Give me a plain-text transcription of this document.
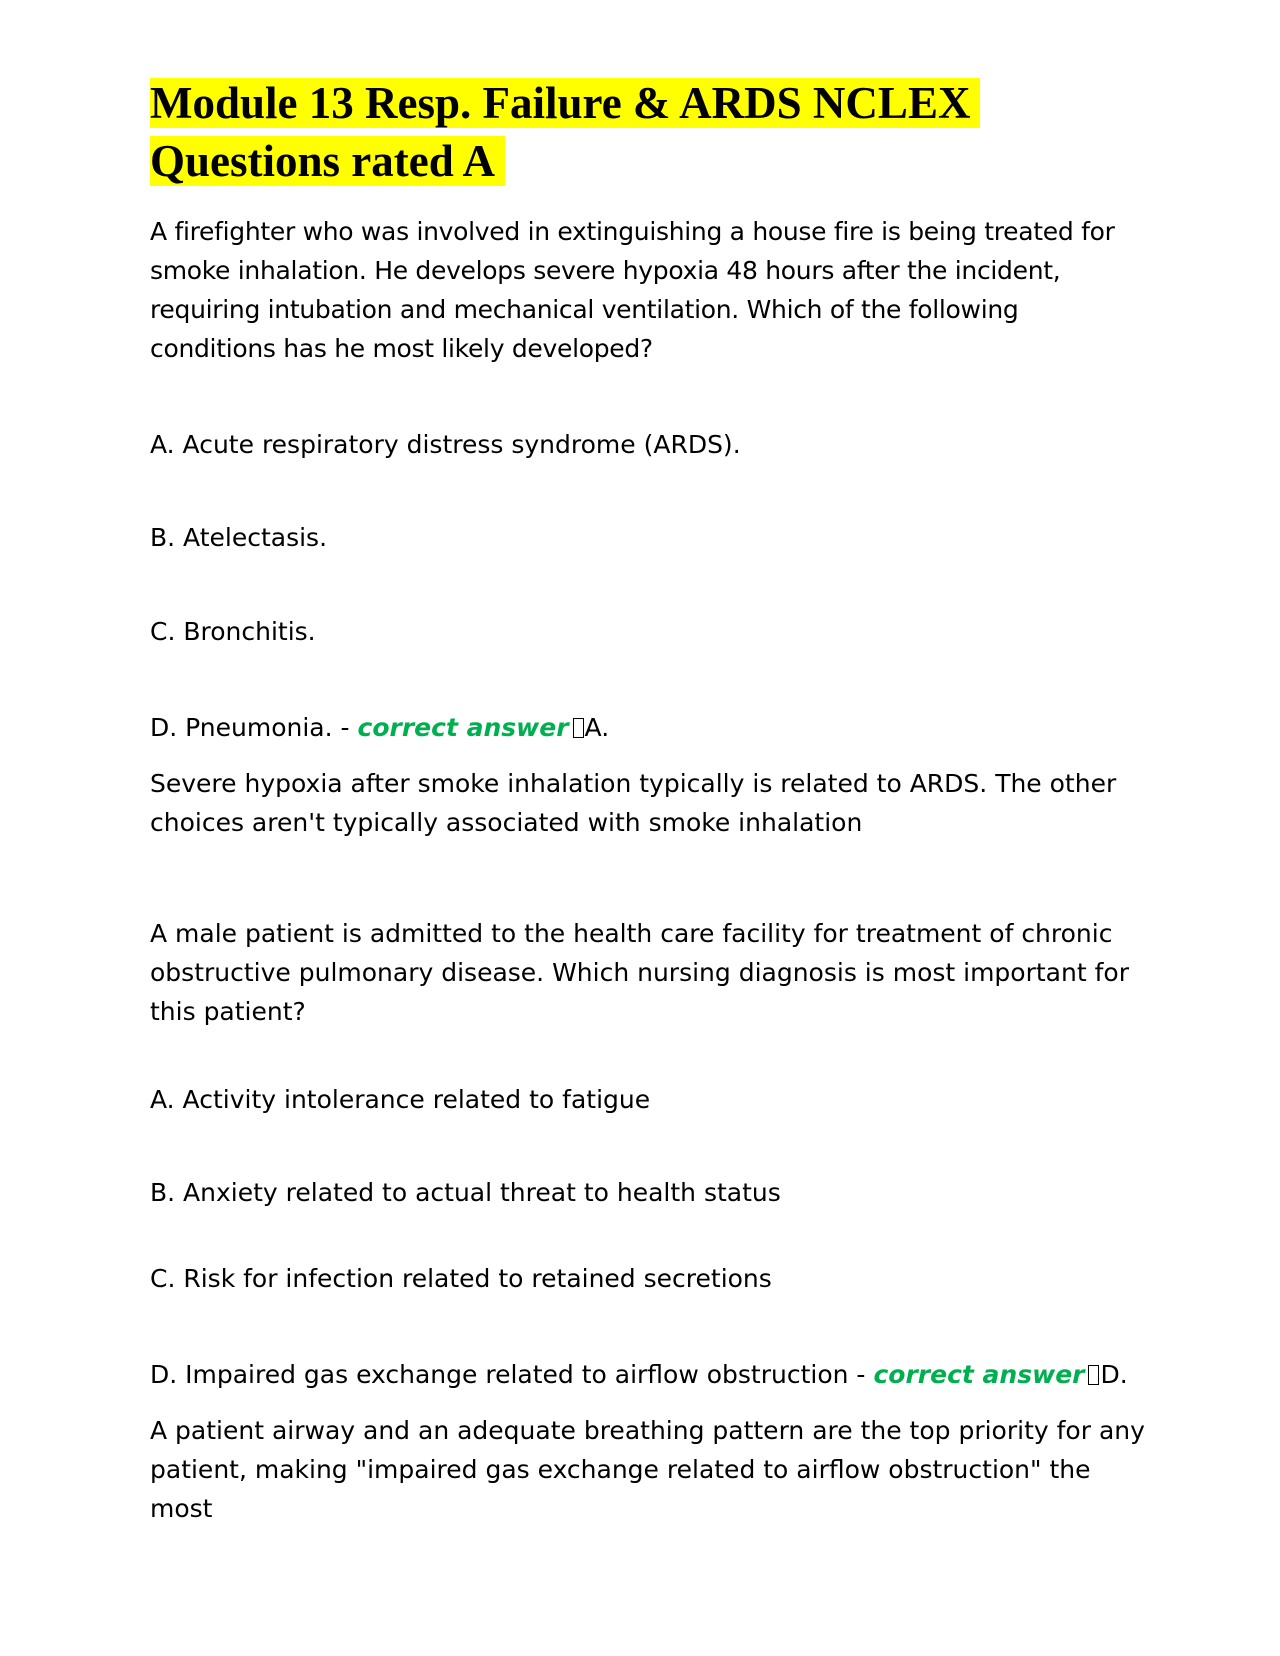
Module 13 Resp. Failure & ARDS NCLEX
Questions rated A

A firefighter who was involved in extinguishing a house fire is being treated for smoke inhalation. He develops severe hypoxia 48 hours after the incident, requiring intubation and mechanical ventilation. Which of the following conditions has he most likely developed?

A. Acute respiratory distress syndrome (ARDS).

B. Atelectasis.

C. Bronchitis.

D. Pneumonia. - correct answer A.

Severe hypoxia after smoke inhalation typically is related to ARDS. The other choices aren't typically associated with smoke inhalation

A male patient is admitted to the health care facility for treatment of chronic obstructive pulmonary disease. Which nursing diagnosis is most important for this patient?

A. Activity intolerance related to fatigue

B. Anxiety related to actual threat to health status

C. Risk for infection related to retained secretions

D. Impaired gas exchange related to airflow obstruction - correct answer D.

A patient airway and an adequate breathing pattern are the top priority for any patient, making "impaired gas exchange related to airflow obstruction" the most
